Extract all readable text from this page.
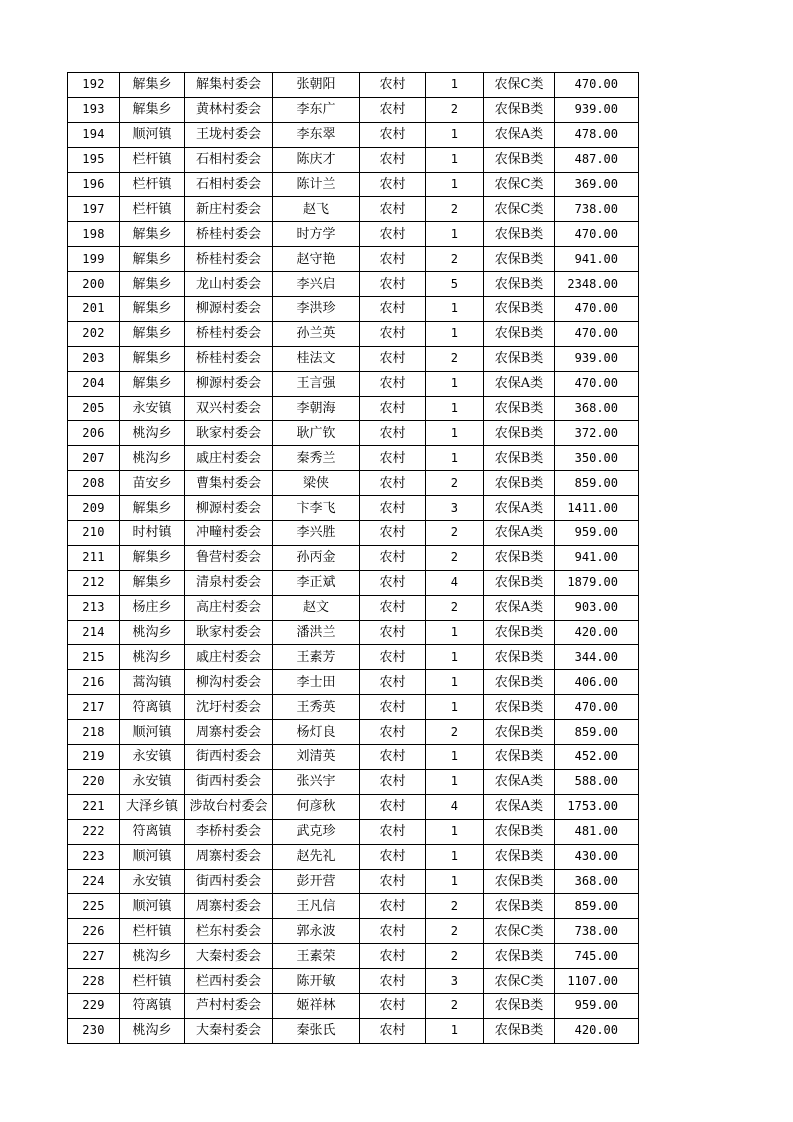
192	解集乡	解集村委会	张朝阳	农村	1	农保C类	470.00
193	解集乡	黄林村委会	李东广	农村	2	农保B类	939.00
194	顺河镇	王垅村委会	李东翠	农村	1	农保A类	478.00
195	栏杆镇	石相村委会	陈庆才	农村	1	农保B类	487.00
196	栏杆镇	石相村委会	陈计兰	农村	1	农保C类	369.00
197	栏杆镇	新庄村委会	赵飞	农村	2	农保C类	738.00
198	解集乡	桥桂村委会	时方学	农村	1	农保B类	470.00
199	解集乡	桥桂村委会	赵守艳	农村	2	农保B类	941.00
200	解集乡	龙山村委会	李兴启	农村	5	农保B类	2348.00
201	解集乡	柳源村委会	李洪珍	农村	1	农保B类	470.00
202	解集乡	桥桂村委会	孙兰英	农村	1	农保B类	470.00
203	解集乡	桥桂村委会	桂法文	农村	2	农保B类	939.00
204	解集乡	柳源村委会	王言强	农村	1	农保A类	470.00
205	永安镇	双兴村委会	李朝海	农村	1	农保B类	368.00
206	桃沟乡	耿家村委会	耿广钦	农村	1	农保B类	372.00
207	桃沟乡	戚庄村委会	秦秀兰	农村	1	农保B类	350.00
208	苗安乡	曹集村委会	梁侠	农村	2	农保B类	859.00
209	解集乡	柳源村委会	卞李飞	农村	3	农保A类	1411.00
210	时村镇	冲疃村委会	李兴胜	农村	2	农保A类	959.00
211	解集乡	鲁营村委会	孙丙金	农村	2	农保B类	941.00
212	解集乡	清泉村委会	李正斌	农村	4	农保B类	1879.00
213	杨庄乡	高庄村委会	赵文	农村	2	农保A类	903.00
214	桃沟乡	耿家村委会	潘洪兰	农村	1	农保B类	420.00
215	桃沟乡	戚庄村委会	王素芳	农村	1	农保B类	344.00
216	蒿沟镇	柳沟村委会	李士田	农村	1	农保B类	406.00
217	符离镇	沈圩村委会	王秀英	农村	1	农保B类	470.00
218	顺河镇	周寨村委会	杨灯良	农村	2	农保B类	859.00
219	永安镇	街西村委会	刘清英	农村	1	农保B类	452.00
220	永安镇	街西村委会	张兴宇	农村	1	农保A类	588.00
221	大泽乡镇	涉故台村委会	何彦秋	农村	4	农保A类	1753.00
222	符离镇	李桥村委会	武克珍	农村	1	农保B类	481.00
223	顺河镇	周寨村委会	赵先礼	农村	1	农保B类	430.00
224	永安镇	街西村委会	彭开营	农村	1	农保B类	368.00
225	顺河镇	周寨村委会	王凡信	农村	2	农保B类	859.00
226	栏杆镇	栏东村委会	郭永波	农村	2	农保C类	738.00
227	桃沟乡	大秦村委会	王素荣	农村	2	农保B类	745.00
228	栏杆镇	栏西村委会	陈开敏	农村	3	农保C类	1107.00
229	符离镇	芦村村委会	姬祥林	农村	2	农保B类	959.00
230	桃沟乡	大秦村委会	秦张氏	农村	1	农保B类	420.00
